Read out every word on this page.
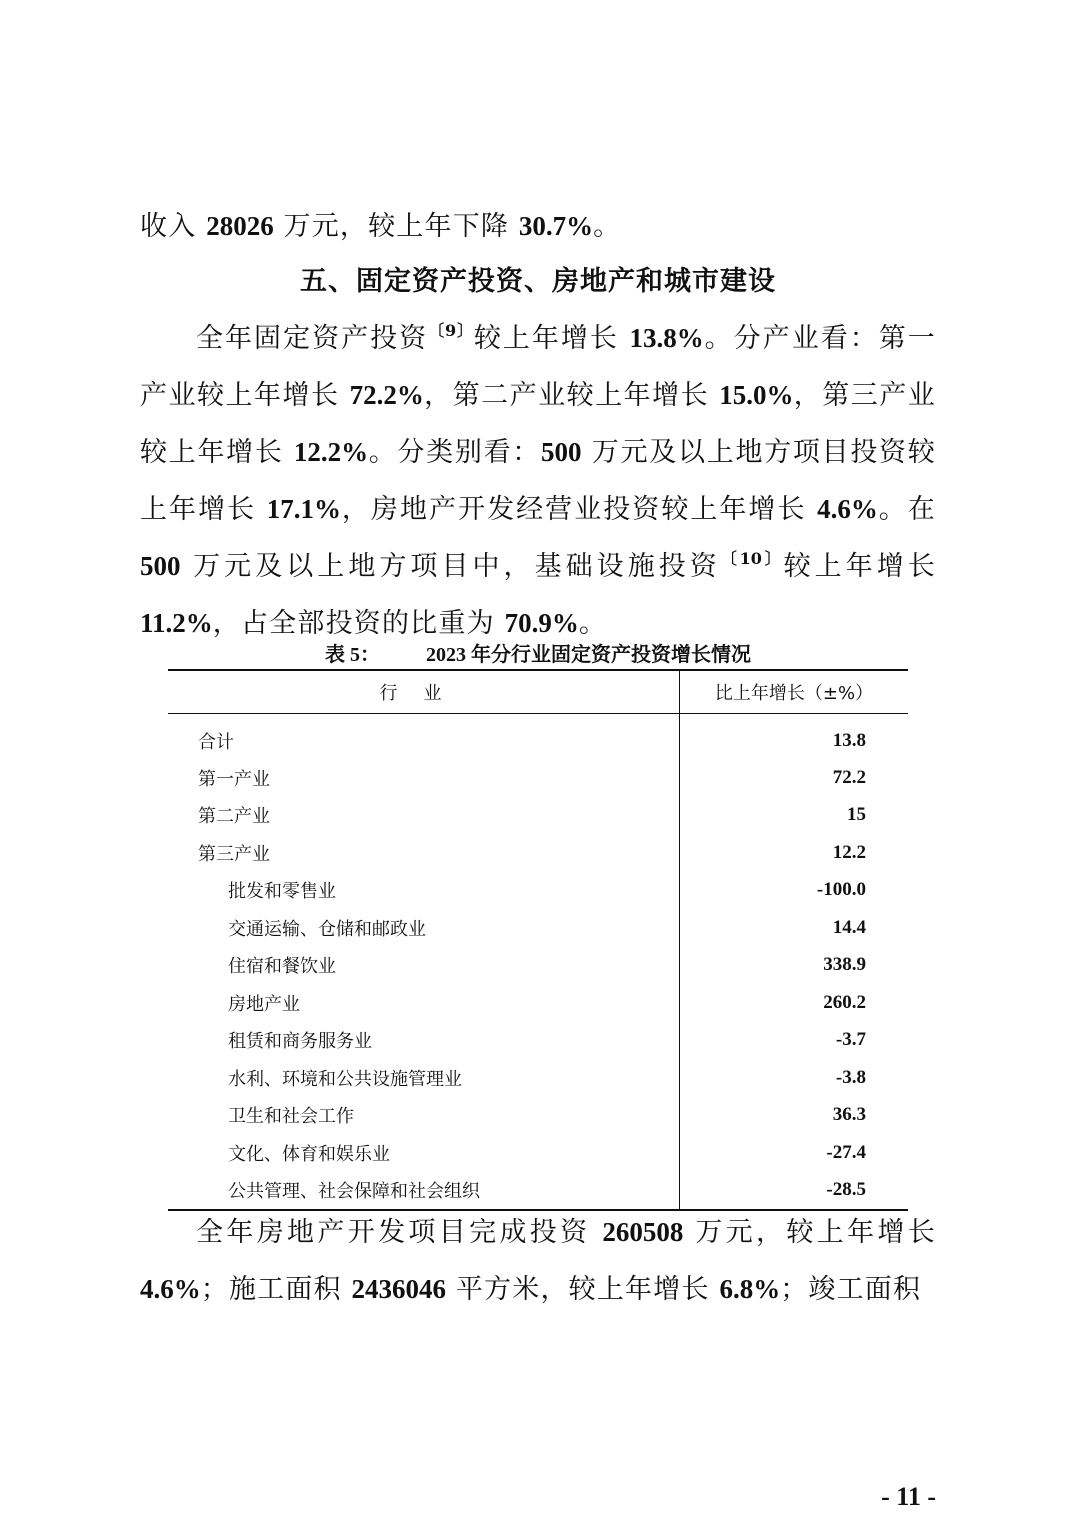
收入 28026 万元，较上年下降 30.7%。

五、固定资产投资、房地产和城市建设

全年固定资产投资$^{〔9〕}$较上年增长 13.8%。分产业看：第一产业较上年增长 72.2%，第二产业较上年增长 15.0%，第三产业较上年增长 12.2%。分类别看：500 万元及以上地方项目投资较上年增长 17.1%，房地产开发经营业投资较上年增长 4.6%。在500 万元及以上地方项目中，基础设施投资$^{〔10〕}$较上年增长 11.2%，占全部投资的比重为 70.9%。

表 5： 2023 年分行业固定资产投资增长情况
行业	比上年增长（±%）
合计	13.8
第一产业	72.2
第二产业	15
第三产业	12.2
批发和零售业	-100.0
交通运输、仓储和邮政业	14.4
住宿和餐饮业	338.9
房地产业	260.2
租赁和商务服务业	-3.7
水利、环境和公共设施管理业	-3.8
卫生和社会工作	36.3
文化、体育和娱乐业	-27.4
公共管理、社会保障和社会组织	-28.5

全年房地产开发项目完成投资 260508 万元，较上年增长 4.6%；施工面积 2436046 平方米，较上年增长 6.8%；竣工面积

- 11 -
